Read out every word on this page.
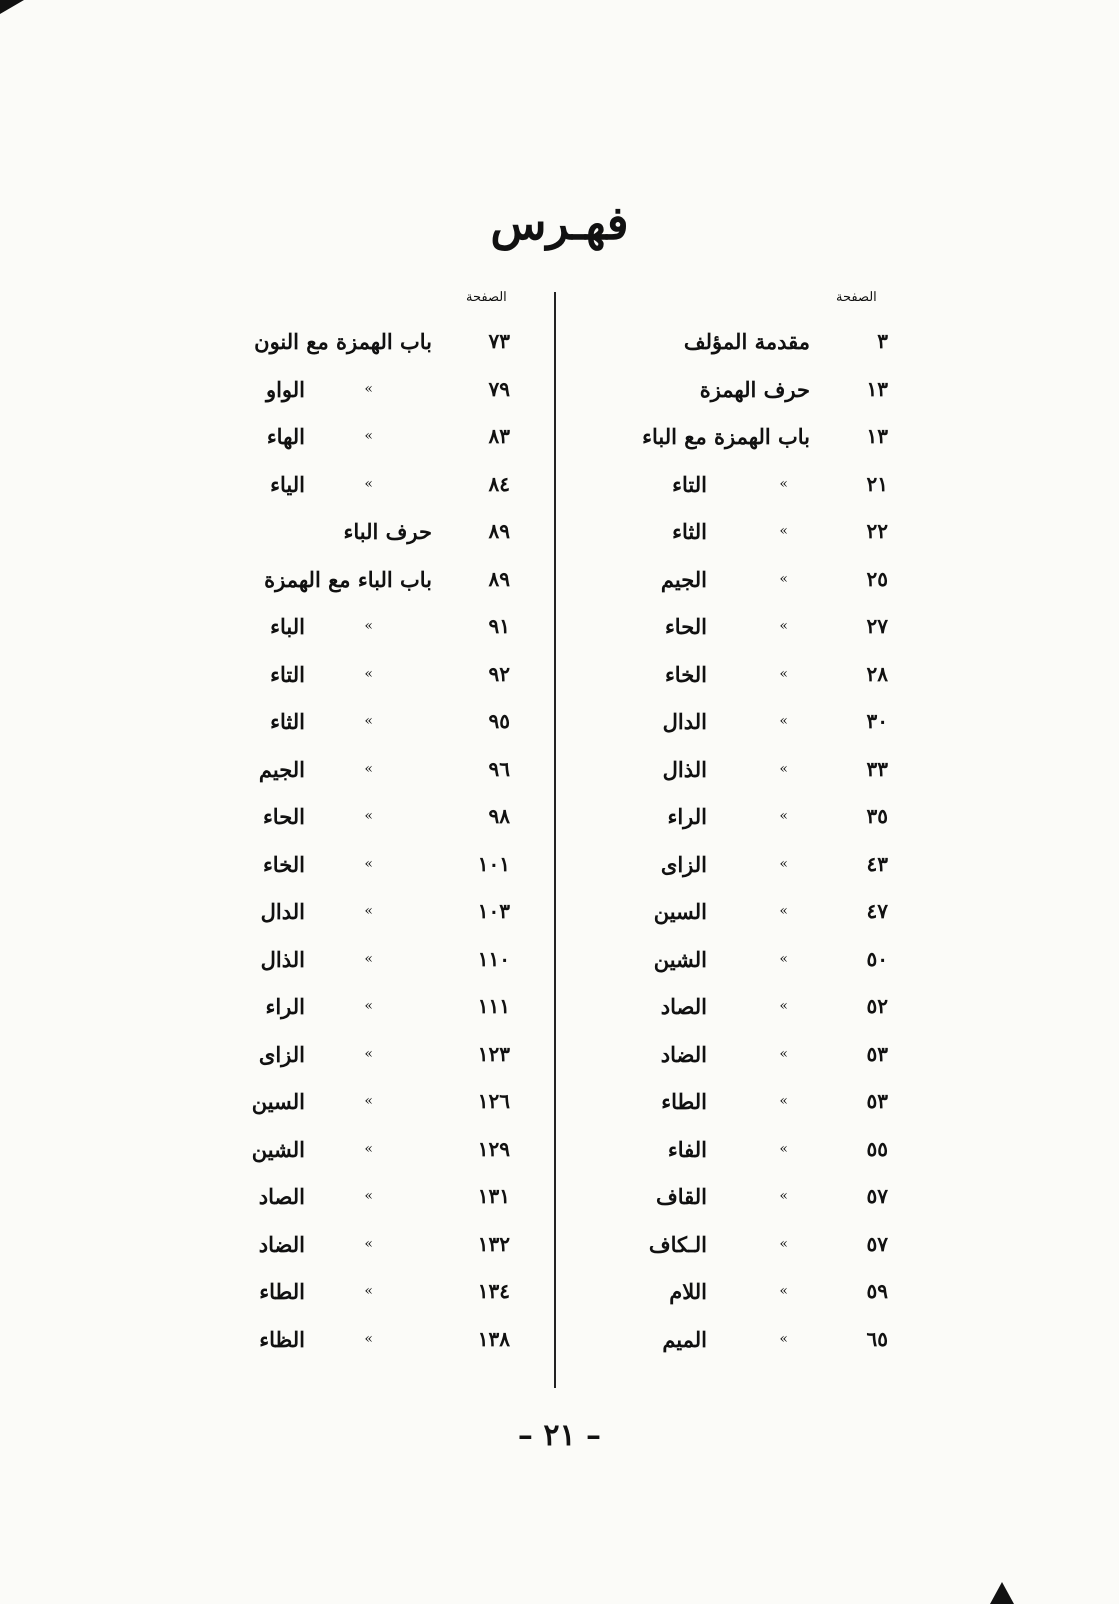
فهـرس
الصفحة
الصفحة
٣
مقدمة المؤلف
١٣
حرف الهمزة
١٣
باب الهمزة مع الباء
٢١
»
التاء
٢٢
»
الثاء
٢٥
»
الجيم
٢٧
»
الحاء
٢٨
»
الخاء
٣٠
»
الدال
٣٣
»
الذال
٣٥
»
الراء
٤٣
»
الزاى
٤٧
»
السين
٥٠
»
الشين
٥٢
»
الصاد
٥٣
»
الضاد
٥٣
»
الطاء
٥٥
»
الفاء
٥٧
»
القاف
٥٧
»
الـكاف
٥٩
»
اللام
٦٥
»
الميم
٧٣
باب الهمزة مع النون
٧٩
»
الواو
٨٣
»
الهاء
٨٤
»
الياء
٨٩
حرف الباء
٨٩
باب الباء مع الهمزة
٩١
»
الباء
٩٢
»
التاء
٩٥
»
الثاء
٩٦
»
الجيم
٩٨
»
الحاء
١٠١
»
الخاء
١٠٣
»
الدال
١١٠
»
الذال
١١١
»
الراء
١٢٣
»
الزاى
١٢٦
»
السين
١٢٩
»
الشين
١٣١
»
الصاد
١٣٢
»
الضاد
١٣٤
»
الطاء
١٣٨
»
الظاء
– ٢١ –
